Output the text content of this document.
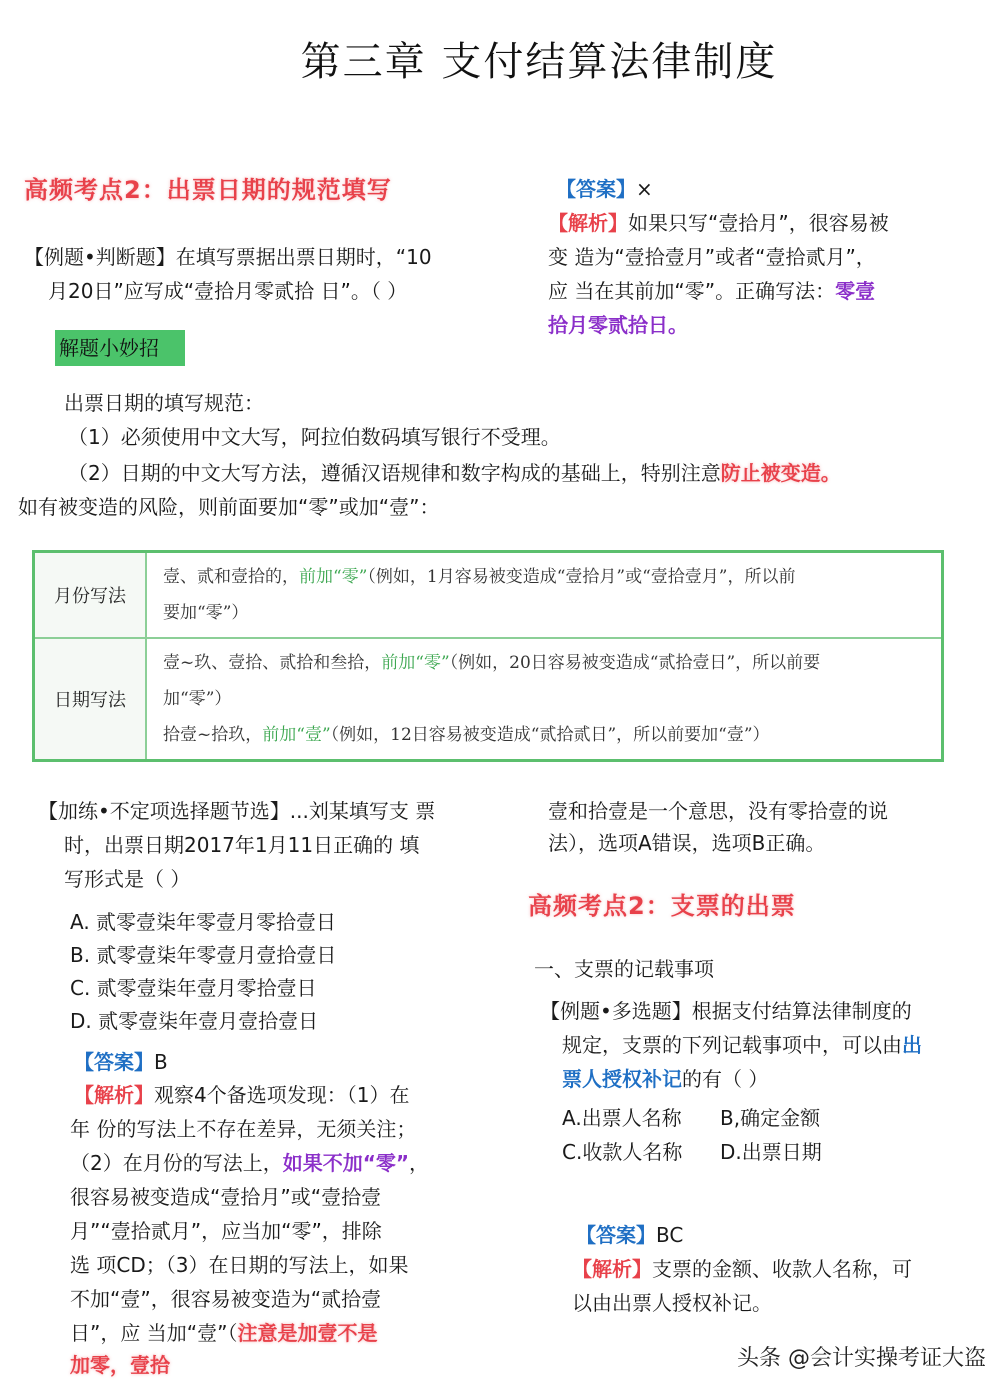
第三章 支付结算法律制度
高频考点2：出票日期的规范填写
【例题•判断题】在填写票据出票日期时，“10
月20日”应写成“壹拾月零贰拾 日”。（ ）
解题小妙招
出票日期的填写规范：
（1）必须使用中文大写，阿拉伯数码填写银行不受理。
（2）日期的中文大写方法，遵循汉语规律和数字构成的基础上，特别注意防止被变造。
如有被变造的风险，则前面要加“零”或加“壹”：
【答案】×
【解析】如果只写“壹拾月”，很容易被
变 造为“壹拾壹月”或者“壹拾贰月”，
应 当在其前加“零”。正确写法：零壹
拾月零贰拾日。
月份写法	壹、贰和壹拾的，前加“零”（例如，1月容易被变造成“壹拾月”或“壹拾壹月”，所以前
要加“零”）
日期写法	壹~玖、壹拾、贰拾和叁拾，前加“零”（例如，20日容易被变造成“贰拾壹日”，所以前要
加“零”）
拾壹~拾玖，前加“壹”（例如，12日容易被变造成“贰拾贰日”，所以前要加“壹”）
【加练•不定项选择题节选】...刘某填写支 票
时，出票日期2017年1月11日正确的 填
写形式是（ ）
A. 贰零壹柒年零壹月零拾壹日
B. 贰零壹柒年零壹月壹拾壹日
C. 贰零壹柒年壹月零拾壹日
D. 贰零壹柒年壹月壹拾壹日
【答案】B
【解析】观察4个备选项发现：（1）在
年 份的写法上不存在差异，无须关注；
（2）在月份的写法上，如果不加“零”，
很容易被变造成“壹拾月”或“壹拾壹
月”“壹拾贰月”，应当加“零”，排除
选 项CD；（3）在日期的写法上，如果
不加“壹”，很容易被变造为“贰拾壹
日”，应 当加“壹”（注意是加壹不是
加零，壹拾
壹和拾壹是一个意思，没有零拾壹的说
法），选项A错误，选项B正确。
高频考点2：支票的出票
一、支票的记载事项
【例题•多选题】根据支付结算法律制度的
规定，支票的下列记载事项中，可以由出
票人授权补记的有（ ）
A.出票人名称 B,确定金额
C.收款人名称 D.出票日期
【答案】BC
【解析】支票的金额、收款人名称，可
以由出票人授权补记。
头条 @会计实操考证大盗
